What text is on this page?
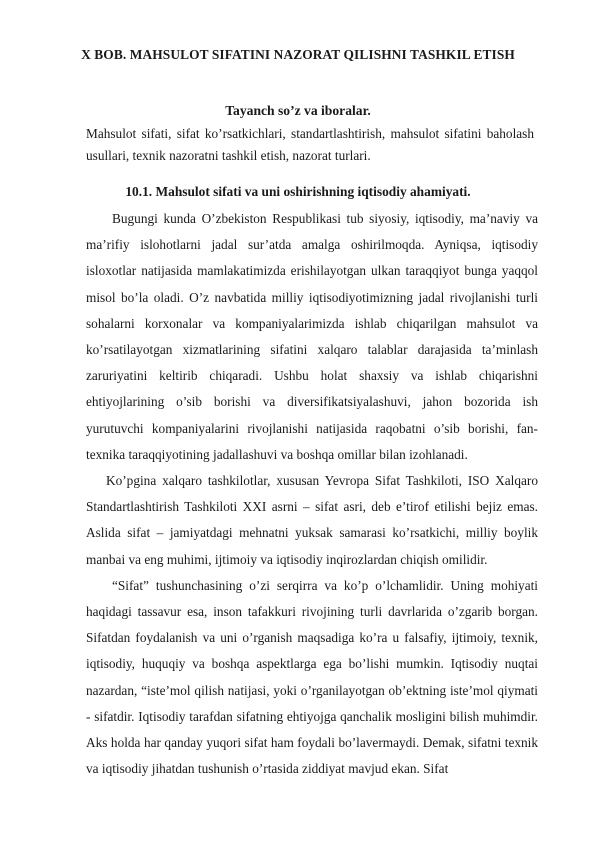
X BOB. MAHSULOT SIFATINI NAZORAT QILISHNI TASHKIL ETISH
Tayanch so’z va iboralar.
Mahsulot sifati, sifat ko’rsatkichlari, standartlashtirish, mahsulot sifatini baholash usullari, texnik nazoratni tashkil etish, nazorat turlari.
10.1. Mahsulot sifati va uni oshirishning iqtisodiy ahamiyati.

Bugungi kunda O’zbekiston Respublikasi tub siyosiy, iqtisodiy, ma’naviy va ma’rifiy islohotlarni jadal sur’atda amalga oshirilmoqda. Ayniqsa, iqtisodiy isloxotlar natijasida mamlakatimizda erishilayotgan ulkan taraqqiyot bunga yaqqol misol bo’la oladi. O’z navbatida milliy iqtisodiyotimizning jadal rivojlanishi turli sohalarni korxonalar va kompaniyalarimizda ishlab chiqarilgan mahsulot va ko’rsatilayotgan xizmatlarining sifatini xalqaro talablar darajasida ta’minlash zaruriyatini keltirib chiqaradi. Ushbu holat shaxsiy va ishlab chiqarishni ehtiyojlarining o’sib borishi va diversifikatsiyalashuvi, jahon bozorida ish yurutuvchi kompaniyalarini rivojlanishi natijasida raqobatni o’sib borishi, fan-texnika taraqqiyotining jadallashuvi va boshqa omillar bilan izohlanadi.

Ko’pgina xalqaro tashkilotlar, xususan Yevropa Sifat Tashkiloti, ISO Xalqaro Standartlashtirish Tashkiloti XXI asrni – sifat asri, deb e’tirof etilishi bejiz emas. Aslida sifat – jamiyatdagi mehnatni yuksak samarasi ko’rsatkichi, milliy boylik manbai va eng muhimi, ijtimoiy va iqtisodiy inqirozlardan chiqish omilidir.

“Sifat” tushunchasining o’zi serqirra va ko’p o’lchamlidir. Uning mohiyati haqidagi tassavur esa, inson tafakkuri rivojining turli davrlarida o’zgarib borgan. Sifatdan foydalanish va uni o’rganish maqsadiga ko’ra u falsafiy, ijtimoiy, texnik, iqtisodiy, huquqiy va boshqa aspektlarga ega bo’lishi mumkin. Iqtisodiy nuqtai nazardan, “iste’mol qilish natijasi, yoki o’rganilayotgan ob’ektning iste’mol qiymati - sifatdir. Iqtisodiy tarafdan sifatning ehtiyojga qanchalik mosligini bilish muhimdir. Aks holda har qanday yuqori sifat ham foydali bo’lavermaydi. Demak, sifatni texnik va iqtisodiy jihatdan tushunish o’rtasida ziddiyat mavjud ekan. Sifat
